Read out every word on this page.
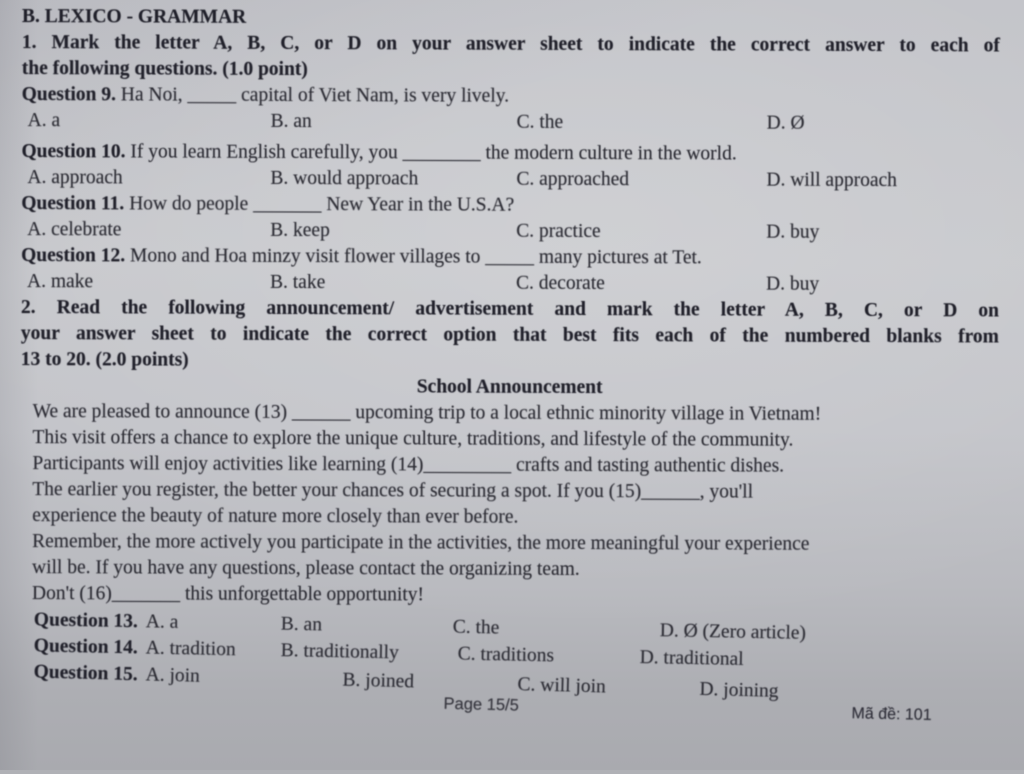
B. LEXICO - GRAMMAR
1. Mark the letter A, B, C, or D on your answer sheet to indicate the correct answer to each of
the following questions. (1.0 point)
Question 9. Ha Noi, _____ capital of Viet Nam, is very lively.
A. a	B. an	C. the	D. Ø
Question 10. If you learn English carefully, you ________ the modern culture in the world.
A. approach	B. would approach	C. approached	D. will approach
Question 11. How do people _______ New Year in the U.S.A?
A. celebrate	B. keep	C. practice	D. buy
Question 12. Mono and Hoa minzy visit flower villages to _____ many pictures at Tet.
A. make	B. take	C. decorate	D. buy
2. Read the following announcement/ advertisement and mark the letter A, B, C, or D on
your answer sheet to indicate the correct option that best fits each of the numbered blanks from
13 to 20. (2.0 points)
School Announcement
We are pleased to announce (13) ______ upcoming trip to a local ethnic minority village in Vietnam!
This visit offers a chance to explore the unique culture, traditions, and lifestyle of the community.
Participants will enjoy activities like learning (14)_________ crafts and tasting authentic dishes.
The earlier you register, the better your chances of securing a spot. If you (15)______, you'll
experience the beauty of nature more closely than ever before.
Remember, the more actively you participate in the activities, the more meaningful your experience
will be. If you have any questions, please contact the organizing team.
Don't (16)_______ this unforgettable opportunity!
Question 13. A. a	B. an	C. the	D. Ø (Zero article)
Question 14. A. tradition B. traditionally	C. traditions	D. traditional
Question 15. A. join	B. joined	C. will join	D. joining
Page 15/5
Mã đề: 101
